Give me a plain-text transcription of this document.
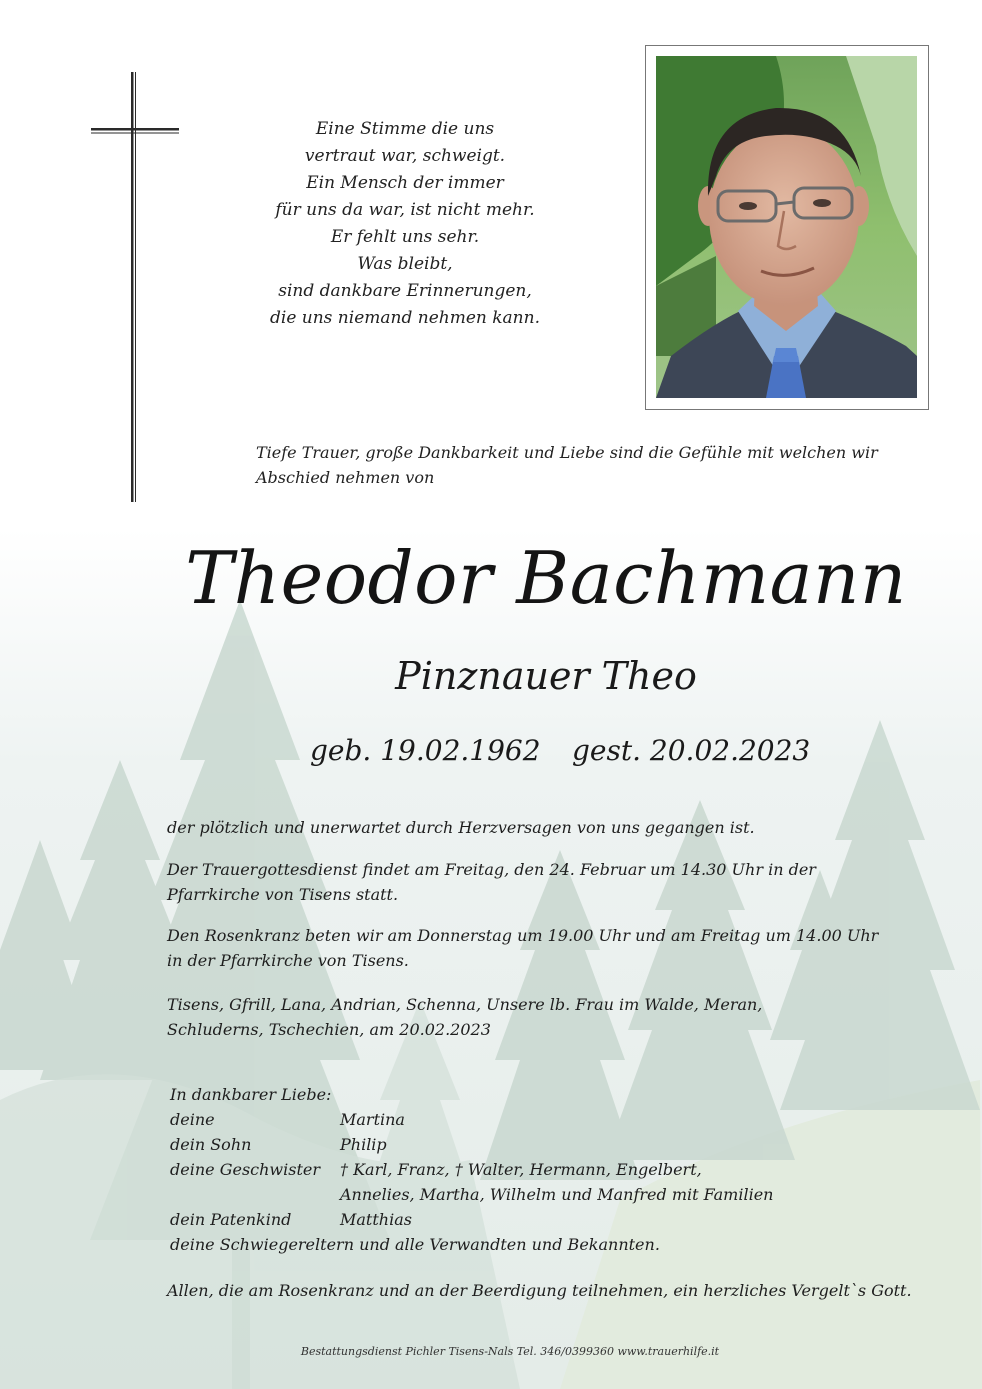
Eine Stimme die uns
vertraut war, schweigt.
Ein Mensch der immer
für uns da war, ist nicht mehr.
Er fehlt uns sehr.
Was bleibt,
sind dankbare Erinnerungen,
die uns niemand nehmen kann.
Tiefe Trauer, große Dankbarkeit und Liebe sind die Gefühle mit welchen wir
Abschied nehmen von
Theodor Bachmann
Pinznauer Theo
geb. 19.02.1962 gest. 20.02.2023
der plötzlich und unerwartet durch Herzversagen von uns gegangen ist.
Der Trauergottesdienst findet am Freitag, den 24. Februar um 14.30 Uhr in der
Pfarrkirche von Tisens statt.
Den Rosenkranz beten wir am Donnerstag um 19.00 Uhr und am Freitag um 14.00 Uhr
in der Pfarrkirche von Tisens.
Tisens, Gfrill, Lana, Andrian, Schenna, Unsere lb. Frau im Walde, Meran,
Schluderns, Tschechien, am 20.02.2023
In dankbarer Liebe:
deine	Martina
dein Sohn	Philip
deine Geschwister	† Karl, Franz, † Walter, Hermann, Engelbert,
Annelies, Martha, Wilhelm und Manfred mit Familien
dein Patenkind	Matthias
deine Schwiegereltern und alle Verwandten und Bekannten.
Allen, die am Rosenkranz und an der Beerdigung teilnehmen, ein herzliches Vergelt`s Gott.
Bestattungsdienst Pichler Tisens-Nals Tel. 346/0399360 www.trauerhilfe.it
